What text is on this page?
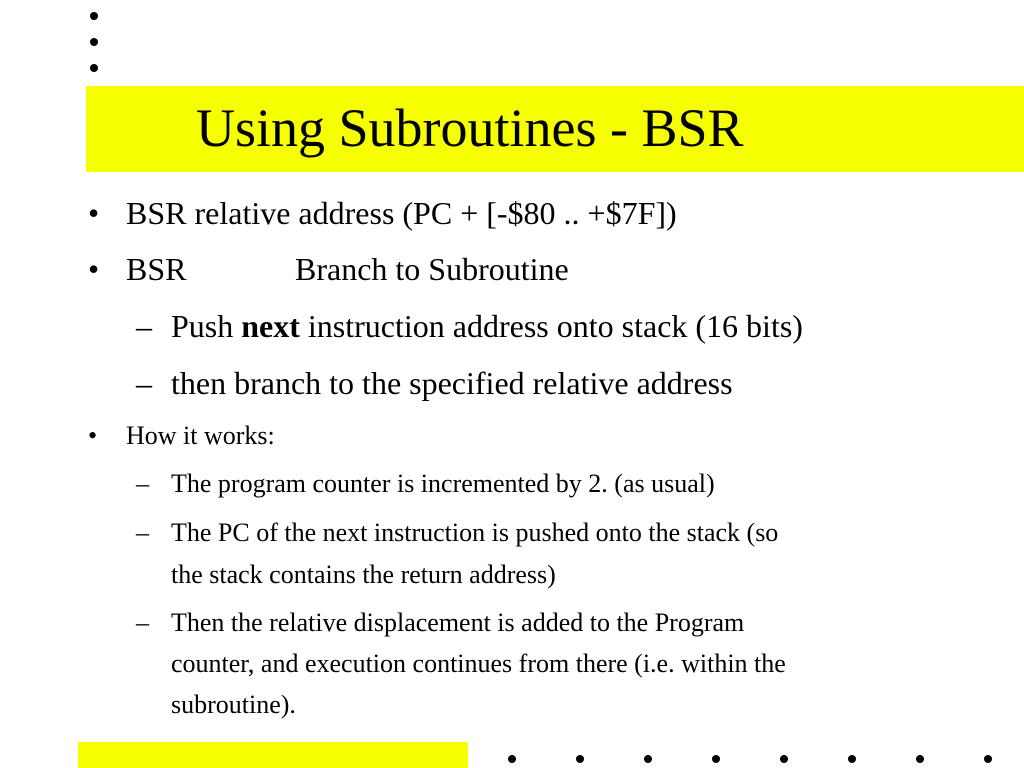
Using Subroutines - BSR
• BSR relative address (PC + [-$80 .. +$7F])

• BSR	Branch to Subroutine
– Push next instruction address onto stack (16 bits)

– then branch to the specified relative address

• How it works:

– The program counter is incremented by 2. (as usual)

– The PC of the next instruction is pushed onto the stack (so

the stack contains the return address)

– Then the relative displacement is added to the Program

counter, and execution continues from there (i.e. within the

subroutine).
